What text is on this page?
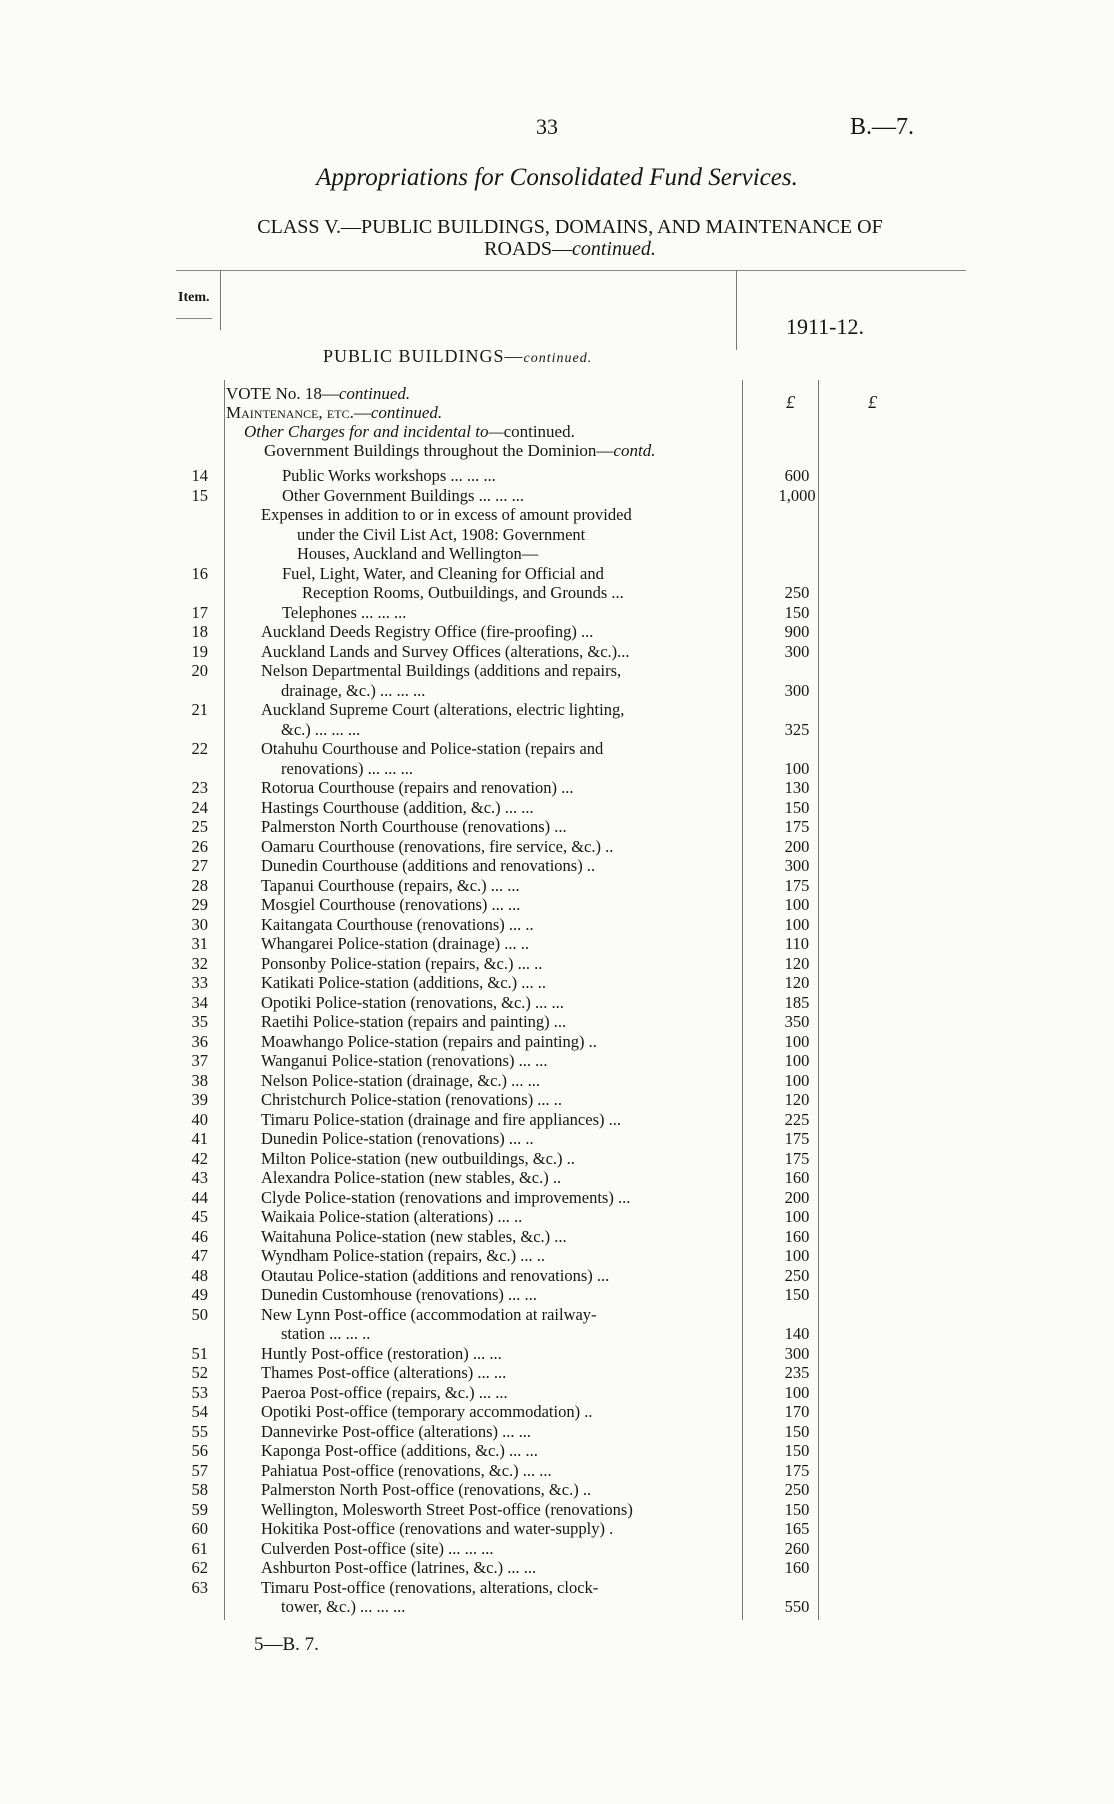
33	B.—7.
Appropriations for Consolidated Fund Services.
CLASS V.—PUBLIC BUILDINGS, DOMAINS, AND MAINTENANCE OF
ROADS—continued.
Item.
1911-12.
PUBLIC BUILDINGS—continued.
£	£
VOTE No. 18—continued.
Maintenance, etc.—continued.
Other Charges for and incidental to—continued.
Government Buildings throughout the Dominion—contd.
14	Public Works workshops ... ... ...	600
15	Other Government Buildings ... ... ...	1,000
Expenses in addition to or in excess of amount provided
under the Civil List Act, 1908: Government
Houses, Auckland and Wellington—
16	Fuel, Light, Water, and Cleaning for Official and
Reception Rooms, Outbuildings, and Grounds ...	250
17	Telephones ... ... ...	150
18	Auckland Deeds Registry Office (fire-proofing) ...	900
19	Auckland Lands and Survey Offices (alterations, &c.)...	300
20	Nelson Departmental Buildings (additions and repairs,
drainage, &c.) ... ... ...	300
21	Auckland Supreme Court (alterations, electric lighting,
&c.) ... ... ...	325
22	Otahuhu Courthouse and Police-station (repairs and
renovations) ... ... ...	100
23	Rotorua Courthouse (repairs and renovation) ...	130
24	Hastings Courthouse (addition, &c.) ... ...	150
25	Palmerston North Courthouse (renovations) ...	175
26	Oamaru Courthouse (renovations, fire service, &c.) ..	200
27	Dunedin Courthouse (additions and renovations) ..	300
28	Tapanui Courthouse (repairs, &c.) ... ...	175
29	Mosgiel Courthouse (renovations) ... ...	100
30	Kaitangata Courthouse (renovations) ... ..	100
31	Whangarei Police-station (drainage) ... ..	110
32	Ponsonby Police-station (repairs, &c.) ... ..	120
33	Katikati Police-station (additions, &c.) ... ..	120
34	Opotiki Police-station (renovations, &c.) ... ...	185
35	Raetihi Police-station (repairs and painting) ...	350
36	Moawhango Police-station (repairs and painting) ..	100
37	Wanganui Police-station (renovations) ... ...	100
38	Nelson Police-station (drainage, &c.) ... ...	100
39	Christchurch Police-station (renovations) ... ..	120
40	Timaru Police-station (drainage and fire appliances) ...	225
41	Dunedin Police-station (renovations) ... ..	175
42	Milton Police-station (new outbuildings, &c.) ..	175
43	Alexandra Police-station (new stables, &c.) ..	160
44	Clyde Police-station (renovations and improvements) ...	200
45	Waikaia Police-station (alterations) ... ..	100
46	Waitahuna Police-station (new stables, &c.) ...	160
47	Wyndham Police-station (repairs, &c.) ... ..	100
48	Otautau Police-station (additions and renovations) ...	250
49	Dunedin Customhouse (renovations) ... ...	150
50	New Lynn Post-office (accommodation at railway-
station ... ... ..	140
51	Huntly Post-office (restoration) ... ...	300
52	Thames Post-office (alterations) ... ...	235
53	Paeroa Post-office (repairs, &c.) ... ...	100
54	Opotiki Post-office (temporary accommodation) ..	170
55	Dannevirke Post-office (alterations) ... ...	150
56	Kaponga Post-office (additions, &c.) ... ...	150
57	Pahiatua Post-office (renovations, &c.) ... ...	175
58	Palmerston North Post-office (renovations, &c.) ..	250
59	Wellington, Molesworth Street Post-office (renovations)	150
60	Hokitika Post-office (renovations and water-supply) .	165
61	Culverden Post-office (site) ... ... ...	260
62	Ashburton Post-office (latrines, &c.) ... ...	160
63	Timaru Post-office (renovations, alterations, clock-
tower, &c.) ... ... ...	550
5—B. 7.
